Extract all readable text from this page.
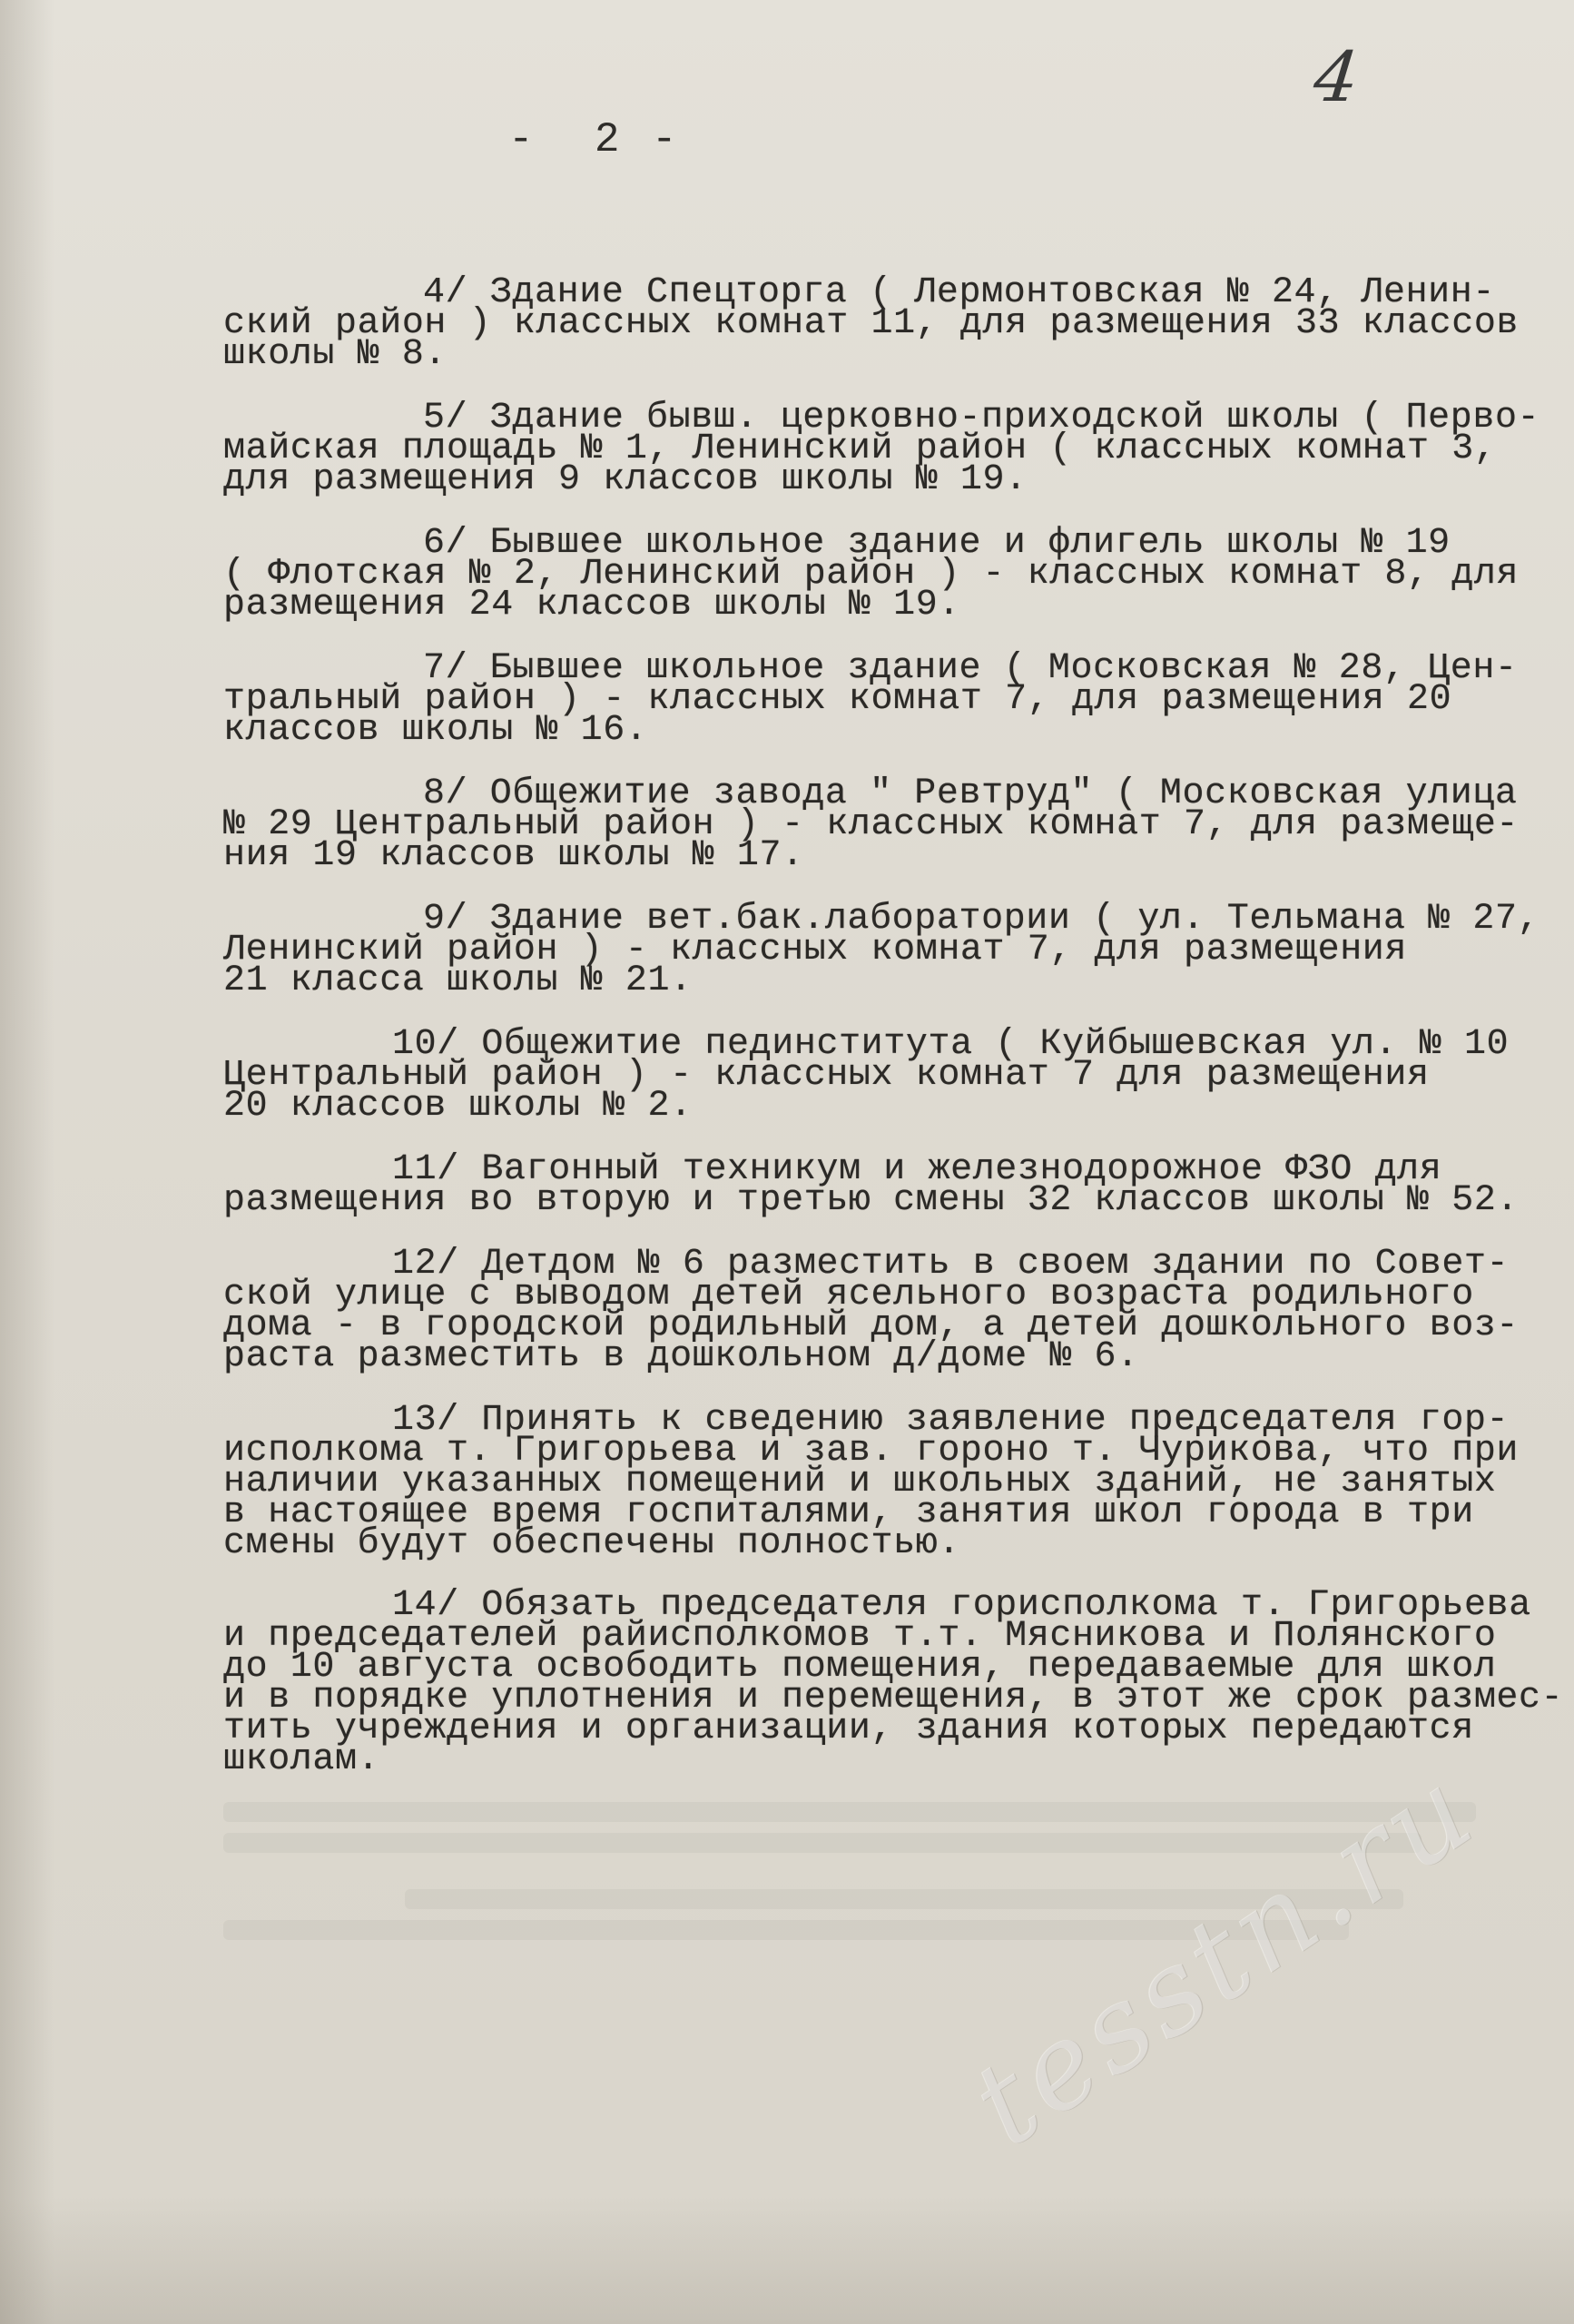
4
-  2 -
4/ Здание Спецторга ( Лермонтовская № 24, Ленин-
ский район ) классных комнат 11, для размещения 33 классов
школы № 8.
5/ Здание бывш. церковно-приходской школы ( Перво-
майская площадь № 1, Ленинский район ( классных комнат 3,
для размещения 9 классов школы № 19.
6/ Бывшее школьное здание и флигель школы № 19
( Флотская № 2, Ленинский район ) - классных комнат 8, для
размещения 24 классов школы № 19.
7/ Бывшее школьное здание ( Московская № 28, Цен-
тральный район ) - классных комнат 7, для размещения 20
классов школы № 16.
8/ Общежитие завода " Ревтруд" ( Московская улица
№ 29 Центральный район ) - классных комнат 7, для размеще-
ния 19 классов школы № 17.
9/ Здание вет.бак.лаборатории ( ул. Тельмана № 27,
Ленинский район ) - классных комнат 7, для размещения
21 класса школы № 21.
10/ Общежитие пединститута ( Куйбышевская ул. № 10
Центральный район ) - классных комнат 7 для размещения
20 классов школы № 2.
11/ Вагонный техникум и железнодорожное ФЗО для
размещения во вторую и третью смены 32 классов школы № 52.
12/ Детдом № 6 разместить в своем здании по Совет-
ской улице с выводом детей ясельного возраста родильного
дома - в городской родильный дом, а детей дошкольного воз-
раста разместить в дошкольном д/доме № 6.
13/ Принять к сведению заявление председателя гор-
исполкома т. Григорьева и зав. гороно т. Чурикова, что при
наличии указанных помещений и школьных зданий, не занятых
в настоящее время госпиталями, занятия школ города в три
смены будут обеспечены полностью.
14/ Обязать председателя горисполкома т. Григорьева
и председателей райисполкомов т.т. Мясникова и Полянского
до 10 августа освободить помещения, передаваемые для школ
и в порядке уплотнения и перемещения, в этот же срок размес-
тить учреждения и организации, здания которых передаются
школам.	tesstn.ru
